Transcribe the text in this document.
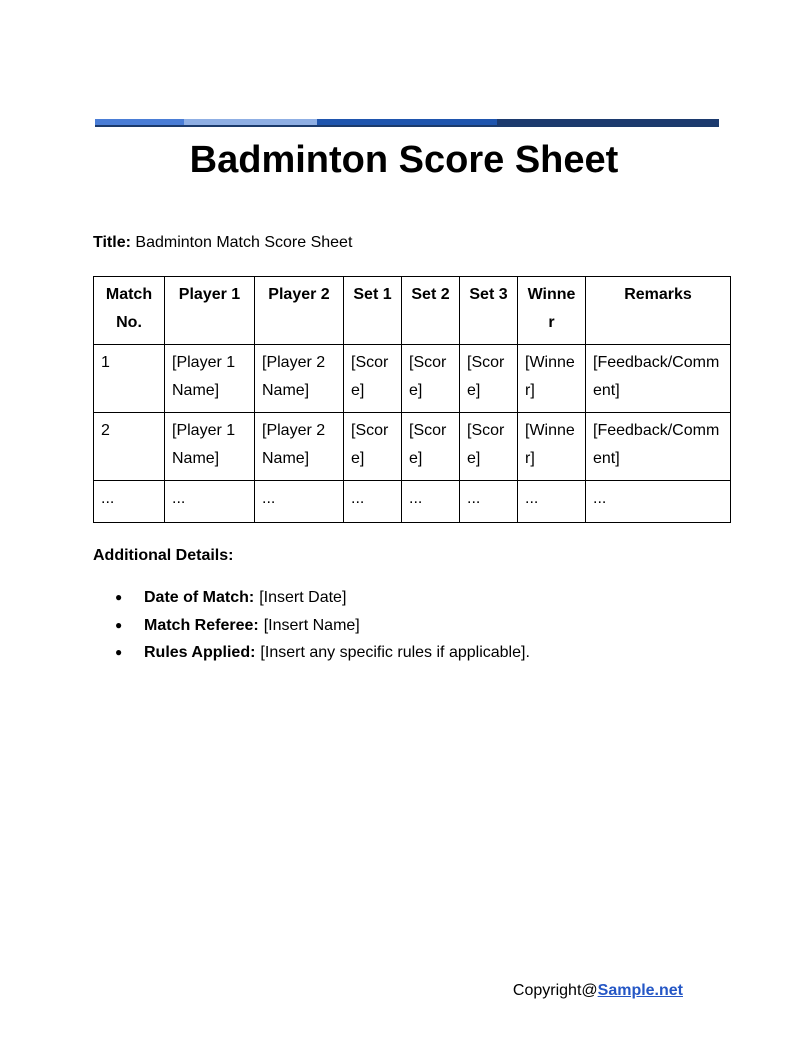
Badminton Score Sheet

Title: Badminton Match Score Sheet

Match No.	Player 1	Player 2	Set 1	Set 2	Set 3	Winner	Remarks
1	[Player 1 Name]	[Player 2 Name]	[Score]	[Score]	[Score]	[Winner]	[Feedback/Comment]
2	[Player 1 Name]	[Player 2 Name]	[Score]	[Score]	[Score]	[Winner]	[Feedback/Comment]
...	...	...	...	...	...	...	...

Additional Details:

●	Date of Match: [Insert Date]
●	Match Referee: [Insert Name]
●	Rules Applied: [Insert any specific rules if applicable].

Copyright@Sample.net
